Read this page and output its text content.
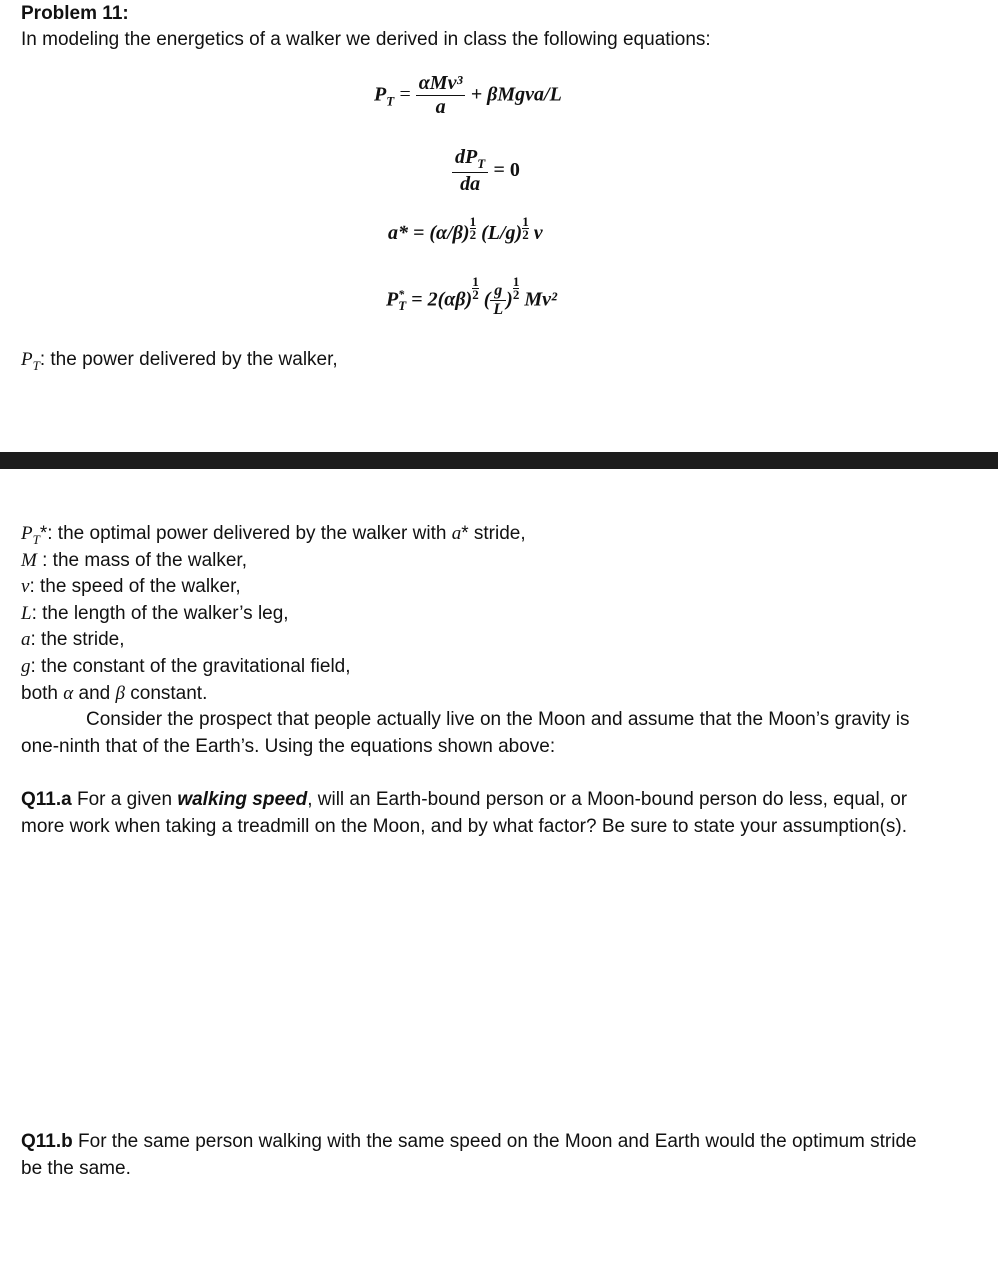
Problem 11:
In modeling the energetics of a walker we derived in class the following equations:
$P_T = \frac{\text{αMv³}}{a}$ + βMgva/L
$\frac{dP_T}{da} = 0$
$a* = (\alpha/\beta) \frac{1}{2} (L/g) \frac{1}{2}$ v
$P^*_T = 2(\alpha\beta) \frac{1}{2}$ ( $\frac{g}{L}$ ) $\frac{1}{2} Mv^2$
$P_T$: the power delivered by the walker,
$P_T*$: the optimal power delivered by the walker with a* stride,
M : the mass of the walker,
v: the speed of the walker,
L: the length of the walker’s leg,
a: the stride,
g: the constant of the gravitational field,
both α and β constant.
Consider the prospect that people actually live on the Moon and assume that the Moon’s gravity is
one-ninth that of the Earth’s. Using the equations shown above:
Q11.a For a given walking speed, will an Earth-bound person or a Moon-bound person do less, equal, or
more work when taking a treadmill on the Moon, and by what factor? Be sure to state your assumption(s).
Q11.b For the same person walking with the same speed on the Moon and Earth would the optimum stride
be the same.
